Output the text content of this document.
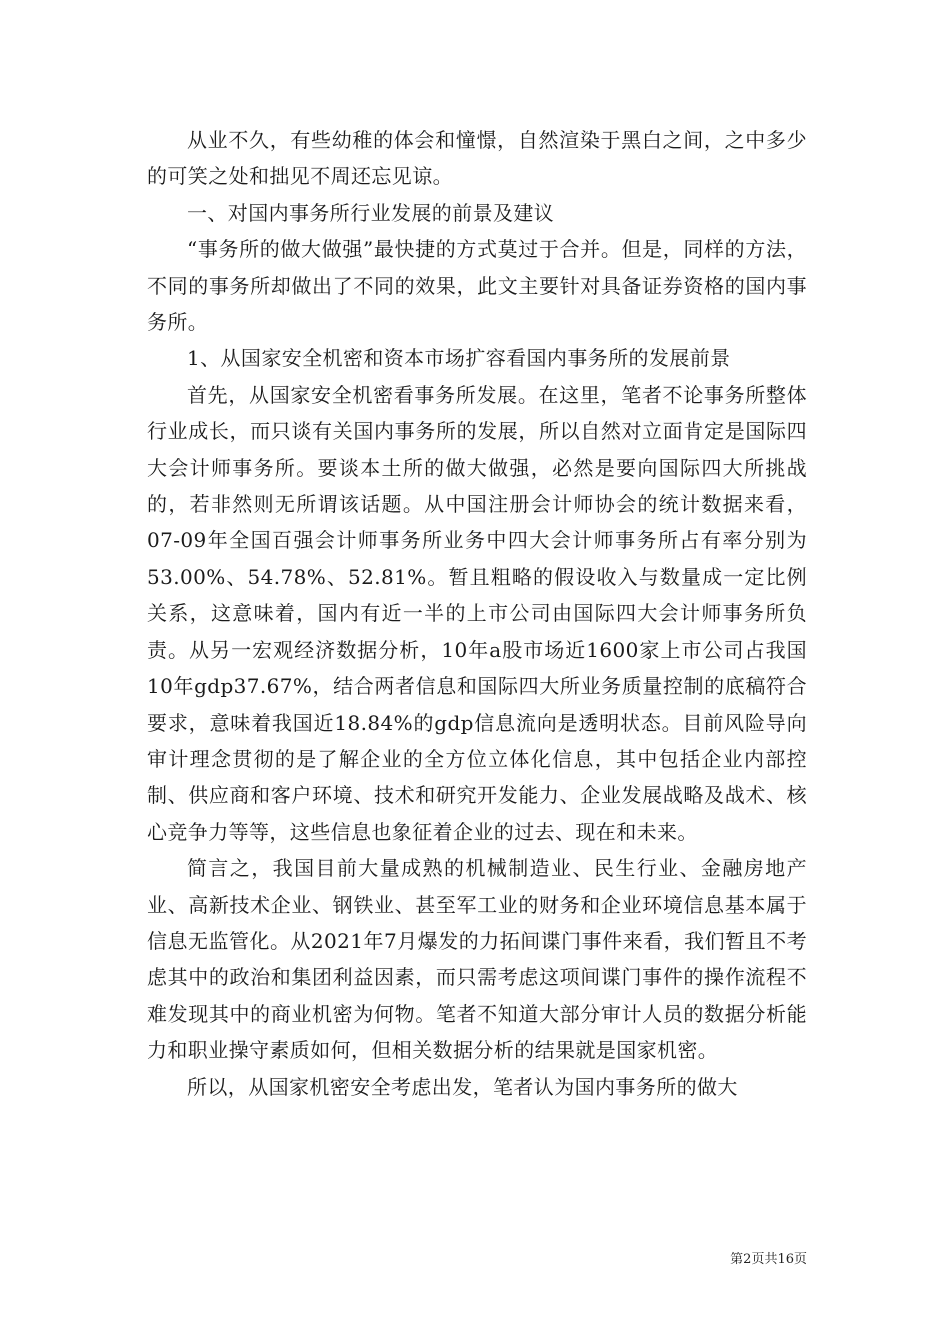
从业不久，有些幼稚的体会和憧憬，自然渲染于黑白之间，之中多少的可笑之处和拙见不周还忘见谅。

一、对国内事务所行业发展的前景及建议

“事务所的做大做强”最快捷的方式莫过于合并。但是，同样的方法，不同的事务所却做出了不同的效果，此文主要针对具备证券资格的国内事务所。

1、从国家安全机密和资本市场扩容看国内事务所的发展前景

首先，从国家安全机密看事务所发展。在这里，笔者不论事务所整体行业成长，而只谈有关国内事务所的发展，所以自然对立面肯定是国际四大会计师事务所。要谈本土所的做大做强，必然是要向国际四大所挑战的，若非然则无所谓该话题。从中国注册会计师协会的统计数据来看，07-09年全国百强会计师事务所业务中四大会计师事务所占有率分别为53.00%、54.78%、52.81%。暂且粗略的假设收入与数量成一定比例关系，这意味着，国内有近一半的上市公司由国际四大会计师事务所负责。从另一宏观经济数据分析，10年a股市场近1600家上市公司占我国10年gdp37.67%，结合两者信息和国际四大所业务质量控制的底稿符合要求，意味着我国近18.84%的gdp信息流向是透明状态。目前风险导向审计理念贯彻的是了解企业的全方位立体化信息，其中包括企业内部控制、供应商和客户环境、技术和研究开发能力、企业发展战略及战术、核心竞争力等等，这些信息也象征着企业的过去、现在和未来。

简言之，我国目前大量成熟的机械制造业、民生行业、金融房地产业、高新技术企业、钢铁业、甚至军工业的财务和企业环境信息基本属于信息无监管化。从2021年7月爆发的力拓间谍门事件来看，我们暂且不考虑其中的政治和集团利益因素，而只需考虑这项间谍门事件的操作流程不难发现其中的商业机密为何物。笔者不知道大部分审计人员的数据分析能力和职业操守素质如何，但相关数据分析的结果就是国家机密。

所以，从国家机密安全考虑出发，笔者认为国内事务所的做大

第2页共16页
